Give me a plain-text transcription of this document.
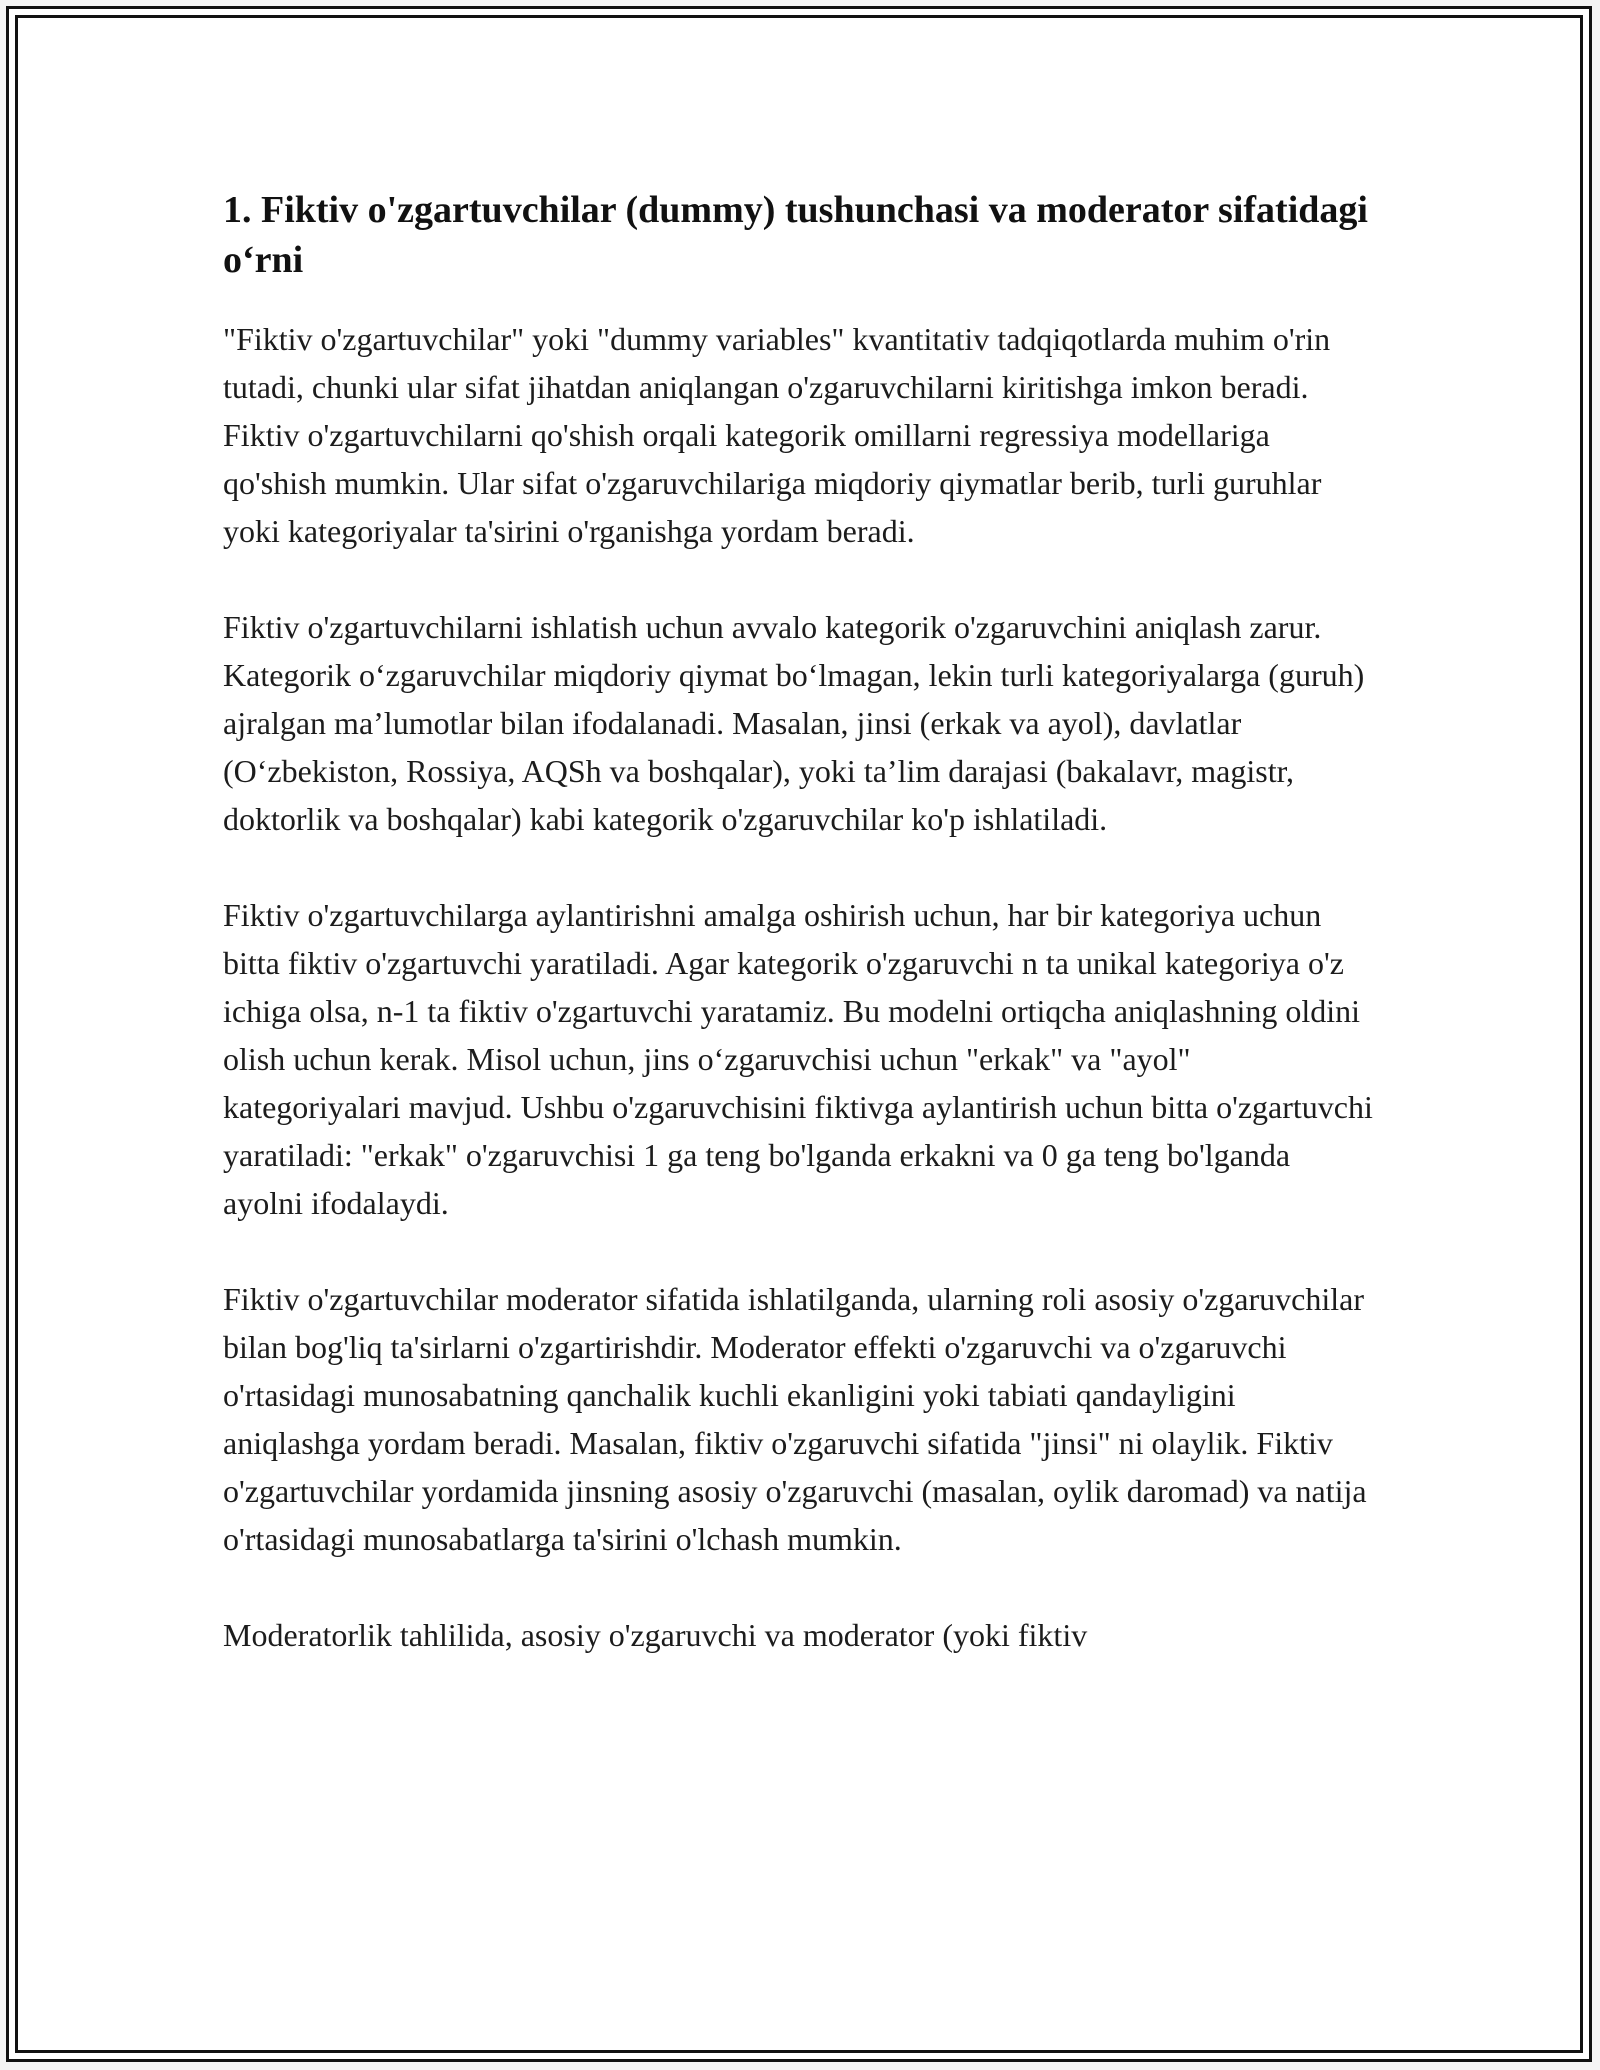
1. Fiktiv o'zgartuvchilar (dummy) tushunchasi va moderator sifatidagi o‘rni

"Fiktiv o'zgartuvchilar" yoki "dummy variables" kvantitativ tadqiqotlarda muhim o'rin tutadi, chunki ular sifat jihatdan aniqlangan o'zgaruvchilarni kiritishga imkon beradi. Fiktiv o'zgartuvchilarni qo'shish orqali kategorik omillarni regressiya modellariga qo'shish mumkin. Ular sifat o'zgaruvchilariga miqdoriy qiymatlar berib, turli guruhlar yoki kategoriyalar ta'sirini o'rganishga yordam beradi.

Fiktiv o'zgartuvchilarni ishlatish uchun avvalo kategorik o'zgaruvchini aniqlash zarur. Kategorik o‘zgaruvchilar miqdoriy qiymat bo‘lmagan, lekin turli kategoriyalarga (guruh) ajralgan ma’lumotlar bilan ifodalanadi. Masalan, jinsi (erkak va ayol), davlatlar (O‘zbekiston, Rossiya, AQSh va boshqalar), yoki ta’lim darajasi (bakalavr, magistr, doktorlik va boshqalar) kabi kategorik o'zgaruvchilar ko'p ishlatiladi.

Fiktiv o'zgartuvchilarga aylantirishni amalga oshirish uchun, har bir kategoriya uchun bitta fiktiv o'zgartuvchi yaratiladi. Agar kategorik o'zgaruvchi n ta unikal kategoriya o'z ichiga olsa, n-1 ta fiktiv o'zgartuvchi yaratamiz. Bu modelni ortiqcha aniqlashning oldini olish uchun kerak. Misol uchun, jins o‘zgaruvchisi uchun "erkak" va "ayol" kategoriyalari mavjud. Ushbu o'zgaruvchisini fiktivga aylantirish uchun bitta o'zgartuvchi yaratiladi: "erkak" o'zgaruvchisi 1 ga teng bo'lganda erkakni va 0 ga teng bo'lganda ayolni ifodalaydi.

Fiktiv o'zgartuvchilar moderator sifatida ishlatilganda, ularning roli asosiy o'zgaruvchilar bilan bog'liq ta'sirlarni o'zgartirishdir. Moderator effekti o'zgaruvchi va o'zgaruvchi o'rtasidagi munosabatning qanchalik kuchli ekanligini yoki tabiati qandayligini aniqlashga yordam beradi. Masalan, fiktiv o'zgaruvchi sifatida "jinsi" ni olaylik. Fiktiv o'zgartuvchilar yordamida jinsning asosiy o'zgaruvchi (masalan, oylik daromad) va natija o'rtasidagi munosabatlarga ta'sirini o'lchash mumkin.

Moderatorlik tahlilida, asosiy o'zgaruvchi va moderator (yoki fiktiv
